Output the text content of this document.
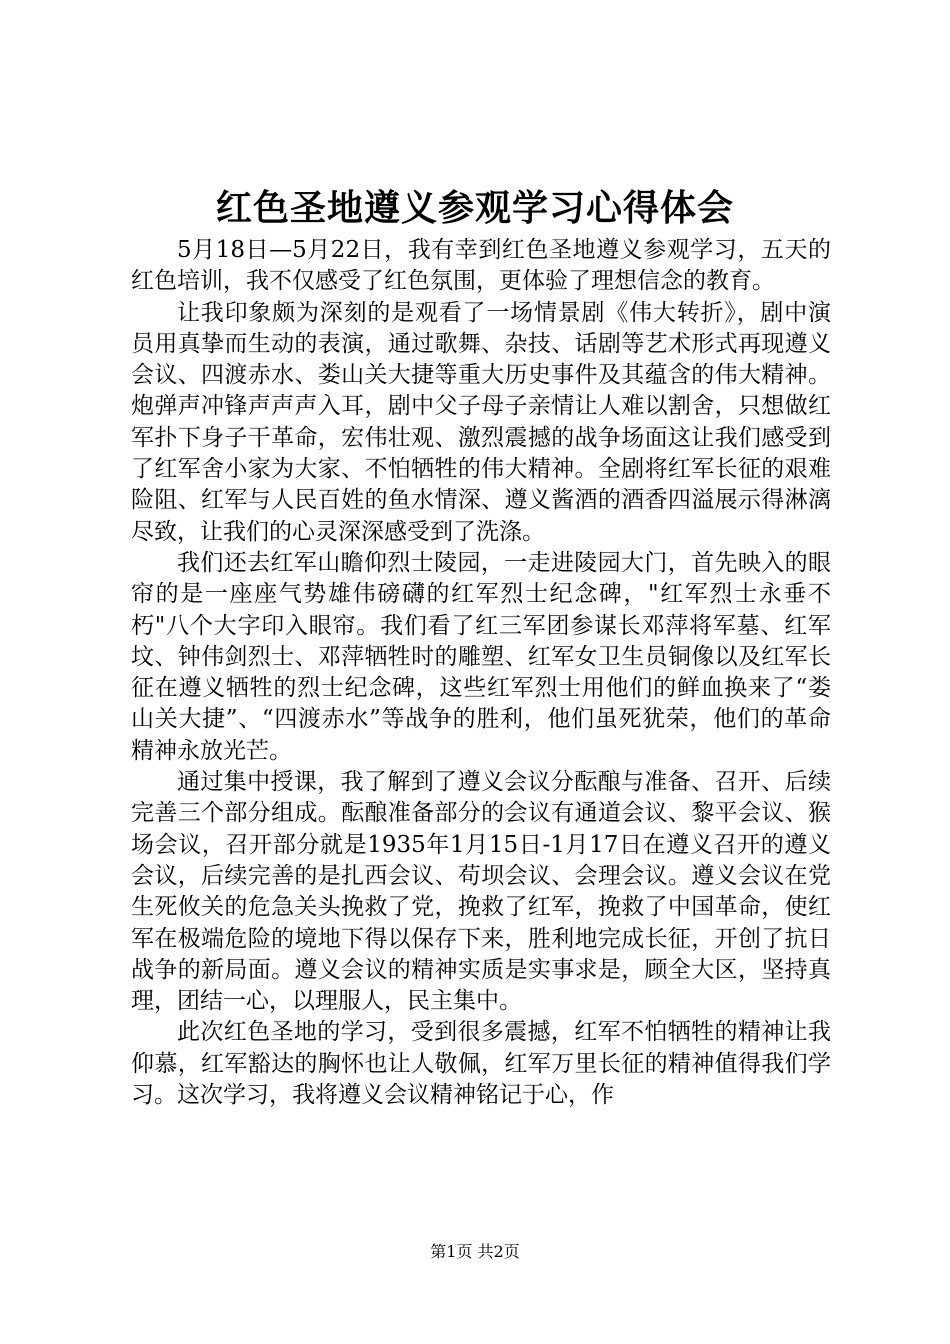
红色圣地遵义参观学习心得体会

5月18日—5月22日，我有幸到红色圣地遵义参观学习，五天的红色培训，我不仅感受了红色氛围，更体验了理想信念的教育。

让我印象颇为深刻的是观看了一场情景剧《伟大转折》，剧中演员用真挚而生动的表演，通过歌舞、杂技、话剧等艺术形式再现遵义会议、四渡赤水、娄山关大捷等重大历史事件及其蕴含的伟大精神。炮弹声冲锋声声声入耳，剧中父子母子亲情让人难以割舍，只想做红军扑下身子干革命，宏伟壮观、激烈震撼的战争场面这让我们感受到了红军舍小家为大家、不怕牺牲的伟大精神。全剧将红军长征的艰难险阻、红军与人民百姓的鱼水情深、遵义酱酒的酒香四溢展示得淋漓尽致，让我们的心灵深深感受到了洗涤。

我们还去红军山瞻仰烈士陵园，一走进陵园大门，首先映入的眼帘的是一座座气势雄伟磅礴的红军烈士纪念碑，"红军烈士永垂不朽"八个大字印入眼帘。我们看了红三军团参谋长邓萍将军墓、红军坟、钟伟剑烈士、邓萍牺牲时的雕塑、红军女卫生员铜像以及红军长征在遵义牺牲的烈士纪念碑，这些红军烈士用他们的鲜血换来了“娄山关大捷”、“四渡赤水”等战争的胜利，他们虽死犹荣，他们的革命精神永放光芒。

通过集中授课，我了解到了遵义会议分酝酿与准备、召开、后续完善三个部分组成。酝酿准备部分的会议有通道会议、黎平会议、猴场会议，召开部分就是1935年1月15日-1月17日在遵义召开的遵义会议，后续完善的是扎西会议、苟坝会议、会理会议。遵义会议在党生死攸关的危急关头挽救了党，挽救了红军，挽救了中国革命，使红军在极端危险的境地下得以保存下来，胜利地完成长征，开创了抗日战争的新局面。遵义会议的精神实质是实事求是，顾全大区，坚持真理，团结一心，以理服人，民主集中。

此次红色圣地的学习，受到很多震撼，红军不怕牺牲的精神让我仰慕，红军豁达的胸怀也让人敬佩，红军万里长征的精神值得我们学习。这次学习，我将遵义会议精神铭记于心，作

第1页 共2页
